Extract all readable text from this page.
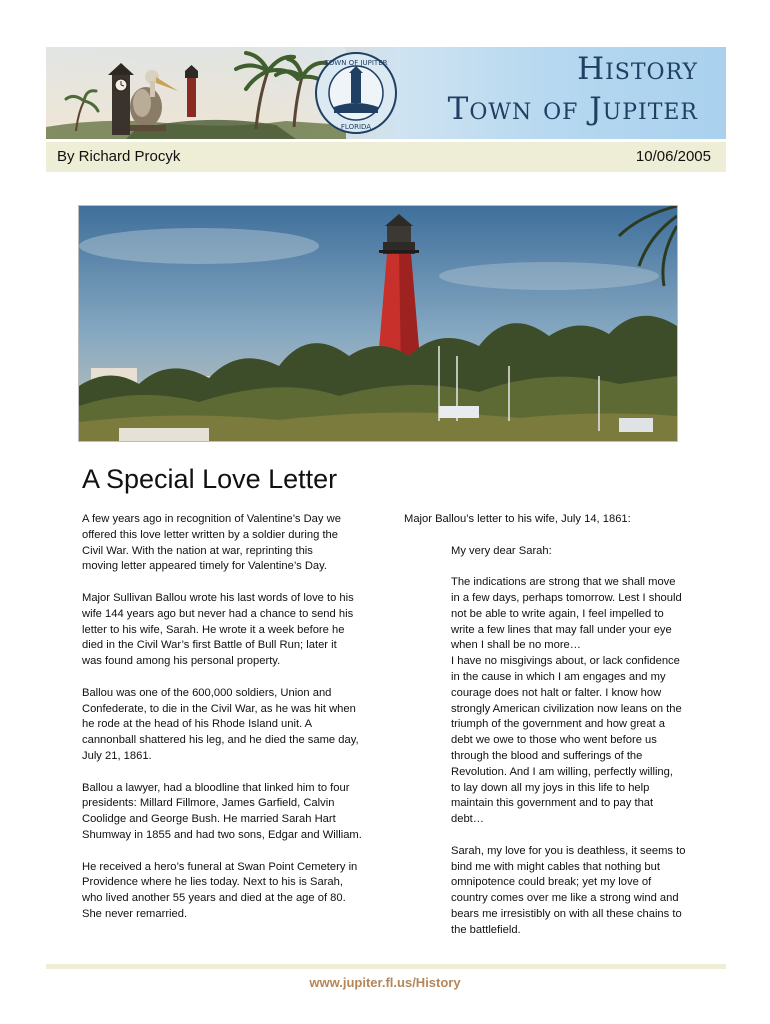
TOWN OF JUPITER
FLORIDA
History
Town of Jupiter
By Richard Procyk	10/06/2005
A Special Love Letter

A few years ago in recognition of Valentine’s Day we
offered this love letter written by a soldier during the
Civil War. With the nation at war, reprinting this
moving letter appeared timely for Valentine’s Day.

Major Sullivan Ballou wrote his last words of love to his
wife 144 years ago but never had a chance to send his
letter to his wife, Sarah. He wrote it a week before he
died in the Civil War’s first Battle of Bull Run; later it
was found among his personal property.

Ballou was one of the 600,000 soldiers, Union and
Confederate, to die in the Civil War, as he was hit when
he rode at the head of his Rhode Island unit. A
cannonball shattered his leg, and he died the same day,
July 21, 1861.

Ballou a lawyer, had a bloodline that linked him to four
presidents: Millard Fillmore, James Garfield, Calvin
Coolidge and George Bush. He married Sarah Hart
Shumway in 1855 and had two sons, Edgar and William.

He received a hero’s funeral at Swan Point Cemetery in
Providence where he lies today. Next to his is Sarah,
who lived another 55 years and died at the age of 80.
She never remarried.

Major Ballou’s letter to his wife, July 14, 1861:

My very dear Sarah:

The indications are strong that we shall move
in a few days, perhaps tomorrow. Lest I should
not be able to write again, I feel impelled to
write a few lines that may fall under your eye
when I shall be no more…

I have no misgivings about, or lack confidence
in the cause in which I am engages and my
courage does not halt or falter. I know how
strongly American civilization now leans on the
triumph of the government and how great a
debt we owe to those who went before us
through the blood and sufferings of the
Revolution. And I am willing, perfectly willing,
to lay down all my joys in this life to help
maintain this government and to pay that
debt…

Sarah, my love for you is deathless, it seems to
bind me with might cables that nothing but
omnipotence could break; yet my love of
country comes over me like a strong wind and
bears me irresistibly on with all these chains to
the battlefield.

www.jupiter.fl.us/History
